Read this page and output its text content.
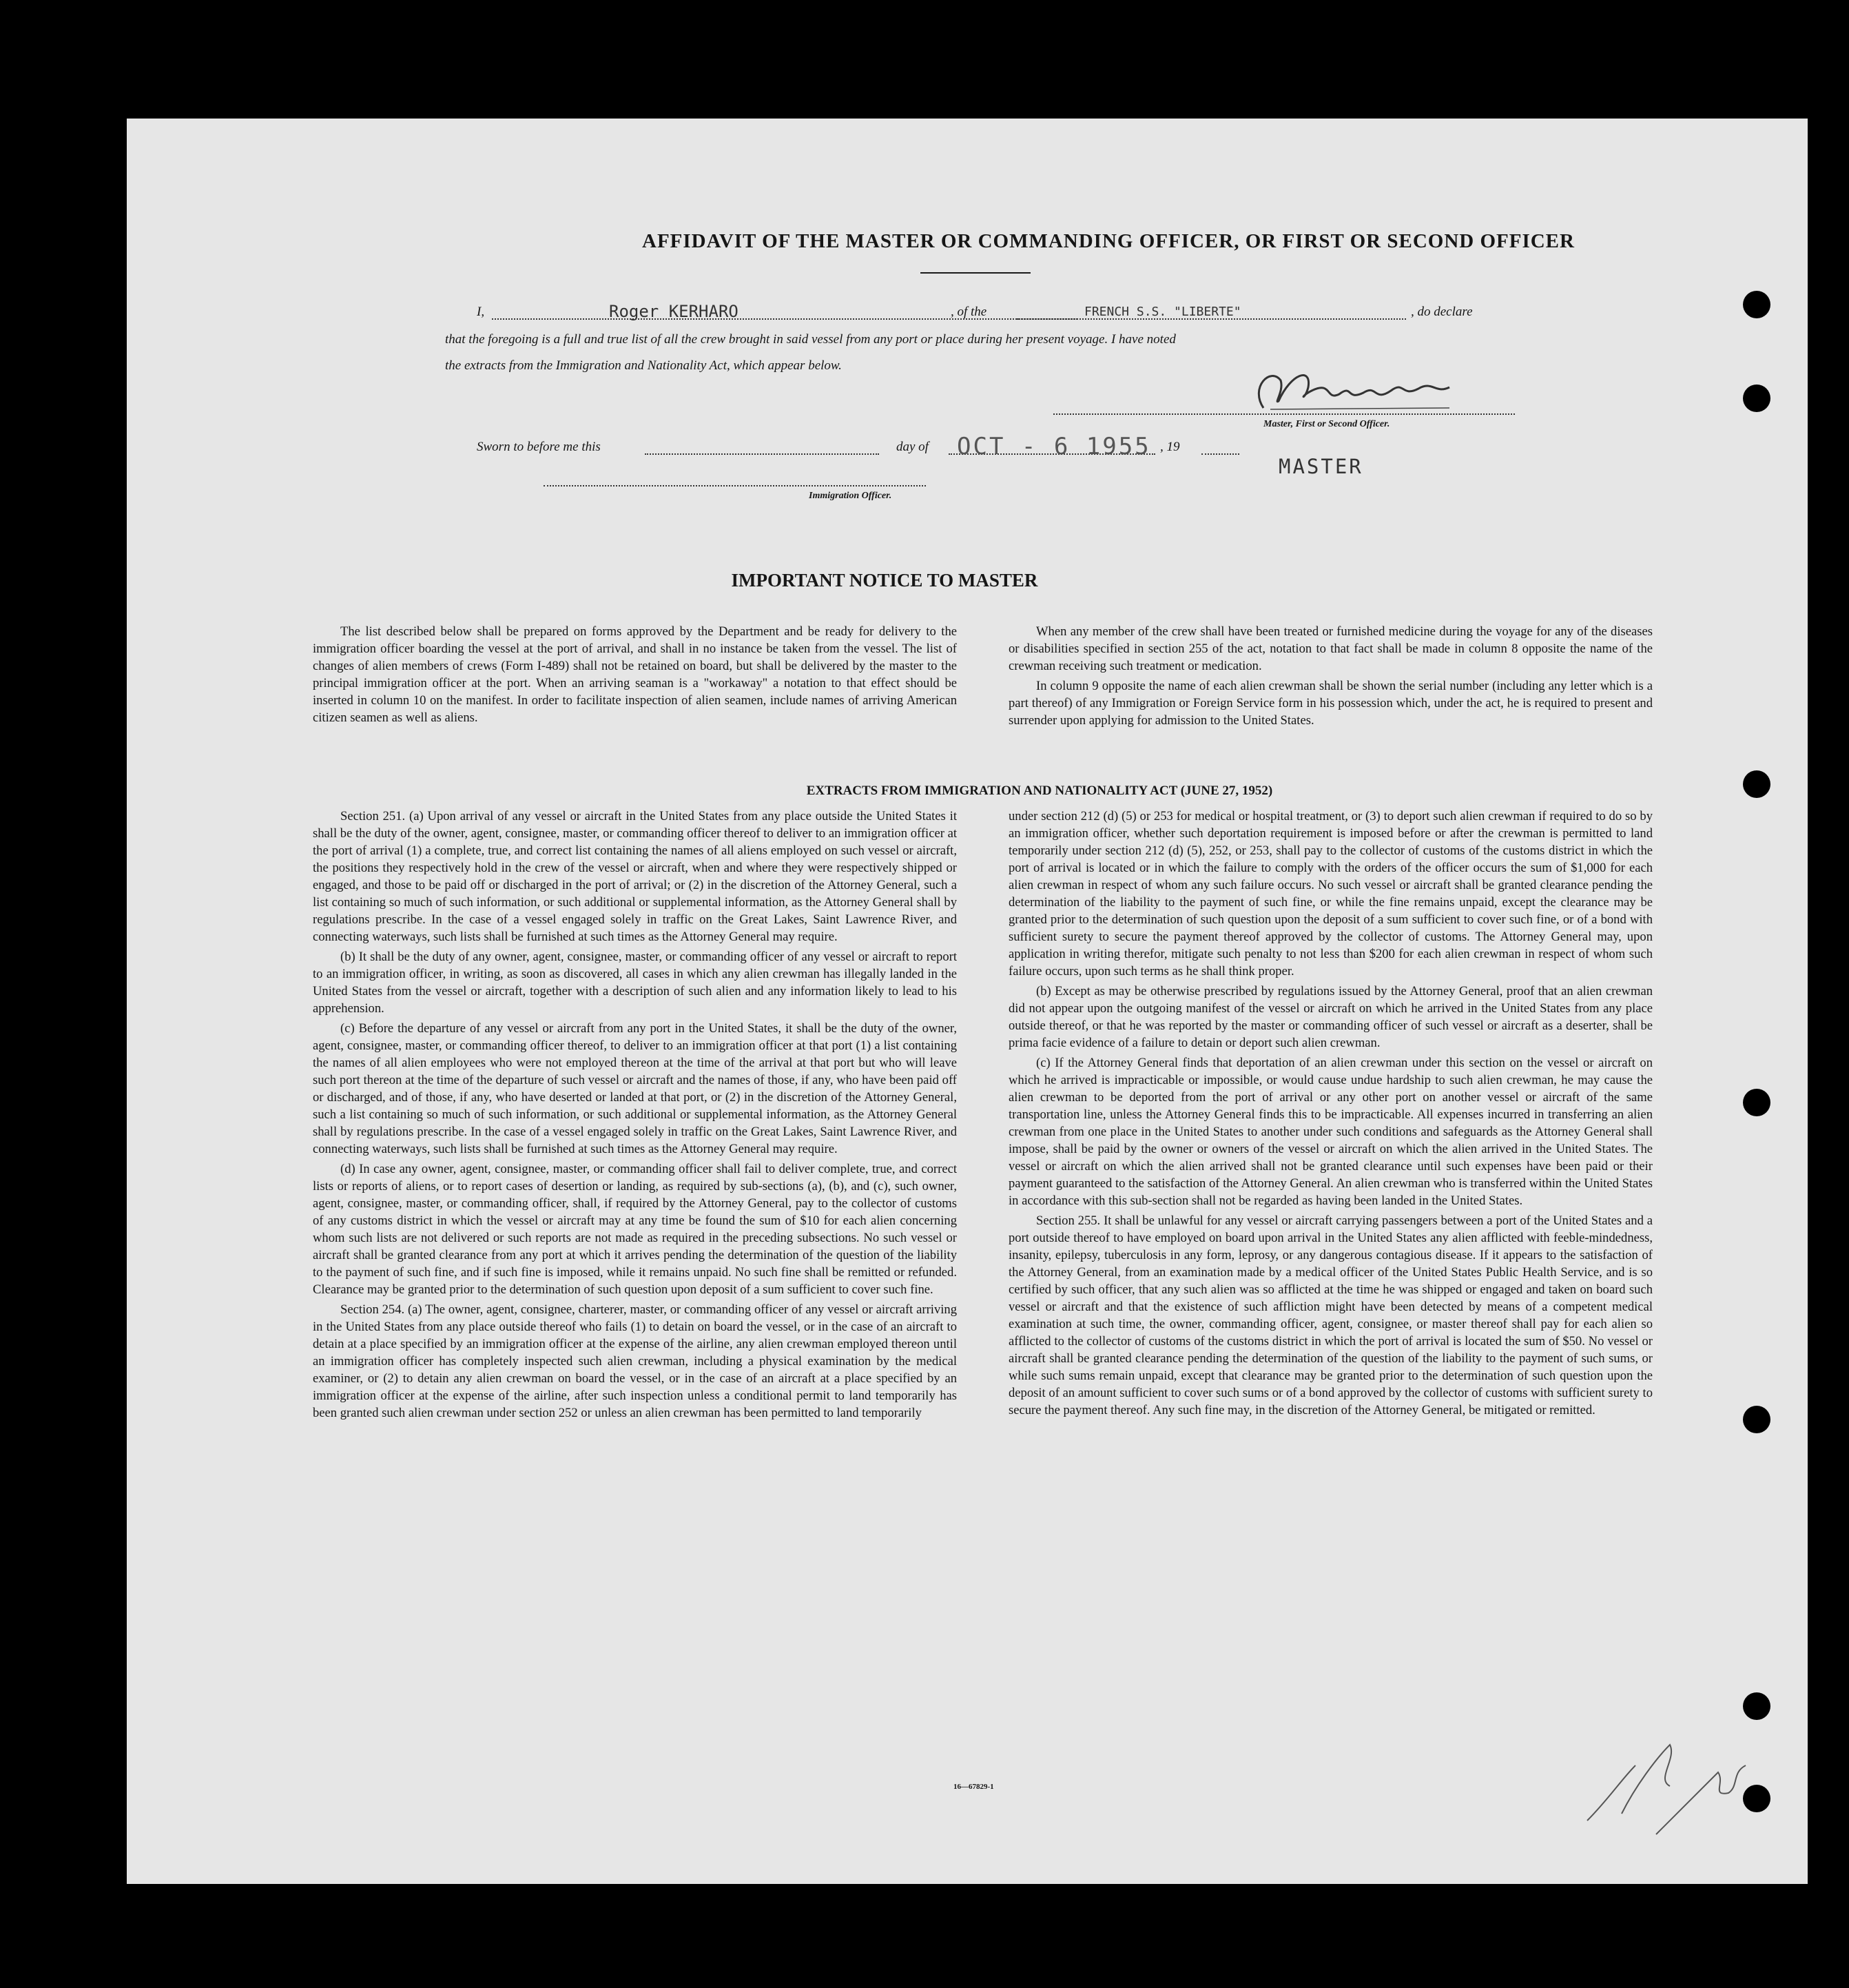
AFFIDAVIT OF THE MASTER OR COMMANDING OFFICER, OR FIRST OR SECOND OFFICER
I,	Roger KERHARO	, of the	FRENCH S.S. "LIBERTE"	, do declare
that the foregoing is a full and true list of all the crew brought in said vessel from any port or place during her present voyage. I have noted
the extracts from the Immigration and Nationality Act, which appear below.
Master, First or Second Officer.
Sworn to before me this	day of OCT - 6 1955 , 19
MASTER
Immigration Officer.
IMPORTANT NOTICE TO MASTER

The list described below shall be prepared on forms approved by the Department and be ready for delivery to the immigration officer boarding the vessel at the port of arrival, and shall in no instance be taken from the vessel. The list of changes of alien members of crews (Form I-489) shall not be retained on board, but shall be delivered by the master to the principal immigration officer at the port. When an arriving seaman is a "workaway" a notation to that effect should be inserted in column 10 on the manifest. In order to facilitate inspection of alien seamen, include names of arriving American citizen seamen as well as aliens.

When any member of the crew shall have been treated or furnished medicine during the voyage for any of the diseases or disabilities specified in section 255 of the act, notation to that fact shall be made in column 8 opposite the name of the crewman receiving such treatment or medication.

In column 9 opposite the name of each alien crewman shall be shown the serial number (including any letter which is a part thereof) of any Immigration or Foreign Service form in his possession which, under the act, he is required to present and surrender upon applying for admission to the United States.

EXTRACTS FROM IMMIGRATION AND NATIONALITY ACT (JUNE 27, 1952)

Section 251. (a) Upon arrival of any vessel or aircraft in the United States from any place outside the United States it shall be the duty of the owner, agent, consignee, master, or commanding officer thereof to deliver to an immigration officer at the port of arrival (1) a complete, true, and correct list containing the names of all aliens employed on such vessel or aircraft, the positions they respectively hold in the crew of the vessel or aircraft, when and where they were respectively shipped or engaged, and those to be paid off or discharged in the port of arrival; or (2) in the discretion of the Attorney General, such a list containing so much of such information, or such additional or supplemental information, as the Attorney General shall by regulations prescribe. In the case of a vessel engaged solely in traffic on the Great Lakes, Saint Lawrence River, and connecting waterways, such lists shall be furnished at such times as the Attorney General may require.

(b) It shall be the duty of any owner, agent, consignee, master, or commanding officer of any vessel or aircraft to report to an immigration officer, in writing, as soon as discovered, all cases in which any alien crewman has illegally landed in the United States from the vessel or aircraft, together with a description of such alien and any information likely to lead to his apprehension.

(c) Before the departure of any vessel or aircraft from any port in the United States, it shall be the duty of the owner, agent, consignee, master, or commanding officer thereof, to deliver to an immigration officer at that port (1) a list containing the names of all alien employees who were not employed thereon at the time of the arrival at that port but who will leave such port thereon at the time of the departure of such vessel or aircraft and the names of those, if any, who have been paid off or discharged, and of those, if any, who have deserted or landed at that port, or (2) in the discretion of the Attorney General, such a list containing so much of such information, or such additional or supplemental information, as the Attorney General shall by regulations prescribe. In the case of a vessel engaged solely in traffic on the Great Lakes, Saint Lawrence River, and connecting waterways, such lists shall be furnished at such times as the Attorney General may require.

(d) In case any owner, agent, consignee, master, or commanding officer shall fail to deliver complete, true, and correct lists or reports of aliens, or to report cases of desertion or landing, as required by sub-sections (a), (b), and (c), such owner, agent, consignee, master, or commanding officer, shall, if required by the Attorney General, pay to the collector of customs of any customs district in which the vessel or aircraft may at any time be found the sum of $10 for each alien concerning whom such lists are not delivered or such reports are not made as required in the preceding subsections. No such vessel or aircraft shall be granted clearance from any port at which it arrives pending the determination of the question of the liability to the payment of such fine, and if such fine is imposed, while it remains unpaid. No such fine shall be remitted or refunded. Clearance may be granted prior to the determination of such question upon deposit of a sum sufficient to cover such fine.

Section 254. (a) The owner, agent, consignee, charterer, master, or commanding officer of any vessel or aircraft arriving in the United States from any place outside thereof who fails (1) to detain on board the vessel, or in the case of an aircraft to detain at a place specified by an immigration officer at the expense of the airline, any alien crewman employed thereon until an immigration officer has completely inspected such alien crewman, including a physical examination by the medical examiner, or (2) to detain any alien crewman on board the vessel, or in the case of an aircraft at a place specified by an immigration officer at the expense of the airline, after such inspection unless a conditional permit to land temporarily has been granted such alien crewman under section 252 or unless an alien crewman has been permitted to land temporarily

under section 212 (d) (5) or 253 for medical or hospital treatment, or (3) to deport such alien crewman if required to do so by an immigration officer, whether such deportation requirement is imposed before or after the crewman is permitted to land temporarily under section 212 (d) (5), 252, or 253, shall pay to the collector of customs of the customs district in which the port of arrival is located or in which the failure to comply with the orders of the officer occurs the sum of $1,000 for each alien crewman in respect of whom any such failure occurs. No such vessel or aircraft shall be granted clearance pending the determination of the liability to the payment of such fine, or while the fine remains unpaid, except the clearance may be granted prior to the determination of such question upon the deposit of a sum sufficient to cover such fine, or of a bond with sufficient surety to secure the payment thereof approved by the collector of customs. The Attorney General may, upon application in writing therefor, mitigate such penalty to not less than $200 for each alien crewman in respect of whom such failure occurs, upon such terms as he shall think proper.

(b) Except as may be otherwise prescribed by regulations issued by the Attorney General, proof that an alien crewman did not appear upon the outgoing manifest of the vessel or aircraft on which he arrived in the United States from any place outside thereof, or that he was reported by the master or commanding officer of such vessel or aircraft as a deserter, shall be prima facie evidence of a failure to detain or deport such alien crewman.

(c) If the Attorney General finds that deportation of an alien crewman under this section on the vessel or aircraft on which he arrived is impracticable or impossible, or would cause undue hardship to such alien crewman, he may cause the alien crewman to be deported from the port of arrival or any other port on another vessel or aircraft of the same transportation line, unless the Attorney General finds this to be impracticable. All expenses incurred in transferring an alien crewman from one place in the United States to another under such conditions and safeguards as the Attorney General shall impose, shall be paid by the owner or owners of the vessel or aircraft on which the alien arrived in the United States. The vessel or aircraft on which the alien arrived shall not be granted clearance until such expenses have been paid or their payment guaranteed to the satisfaction of the Attorney General. An alien crewman who is transferred within the United States in accordance with this sub-section shall not be regarded as having been landed in the United States.

Section 255. It shall be unlawful for any vessel or aircraft carrying passengers between a port of the United States and a port outside thereof to have employed on board upon arrival in the United States any alien afflicted with feeble-mindedness, insanity, epilepsy, tuberculosis in any form, leprosy, or any dangerous contagious disease. If it appears to the satisfaction of the Attorney General, from an examination made by a medical officer of the United States Public Health Service, and is so certified by such officer, that any such alien was so afflicted at the time he was shipped or engaged and taken on board such vessel or aircraft and that the existence of such affliction might have been detected by means of a competent medical examination at such time, the owner, commanding officer, agent, consignee, or master thereof shall pay for each alien so afflicted to the collector of customs of the customs district in which the port of arrival is located the sum of $50. No vessel or aircraft shall be granted clearance pending the determination of the question of the liability to the payment of such sums, or while such sums remain unpaid, except that clearance may be granted prior to the determination of such question upon the deposit of an amount sufficient to cover such sums or of a bond approved by the collector of customs with sufficient surety to secure the payment thereof. Any such fine may, in the discretion of the Attorney General, be mitigated or remitted.

16—67829-1
